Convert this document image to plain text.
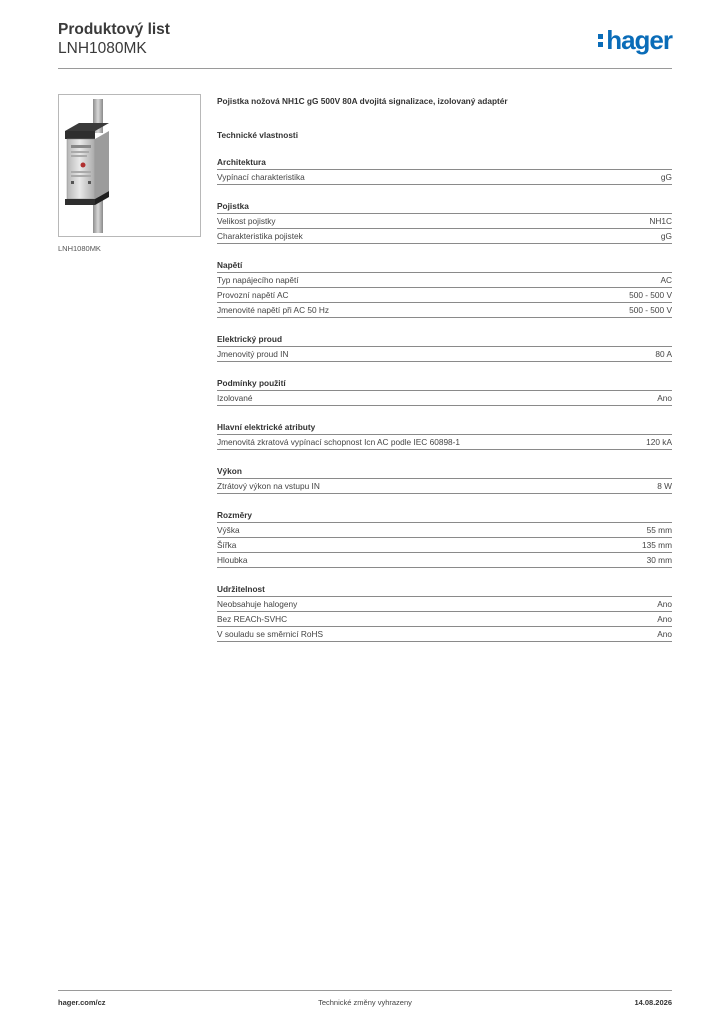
Produktový list
LNH1080MK	hager
LNH1080MK
Pojistka nožová NH1C gG 500V 80A dvojitá signalizace, izolovaný adaptér
Technické vlastnosti
Architektura
Vypínací charakteristika	gG
Pojistka
Velikost pojistky	NH1C
Charakteristika pojistek	gG
Napětí
Typ napájecího napětí	AC
Provozní napětí AC	500 - 500 V
Jmenovité napětí při AC 50 Hz	500 - 500 V
Elektrický proud
Jmenovitý proud IN	80 A
Podmínky použití
Izolované	Ano
Hlavní elektrické atributy
Jmenovitá zkratová vypínací schopnost Icn AC podle IEC 60898-1	120 kA
Výkon
Ztrátový výkon na vstupu IN	8 W
Rozměry
Výška	55 mm
Šířka	135 mm
Hloubka	30 mm
Udržitelnost
Neobsahuje halogeny	Ano
Bez REACh-SVHC	Ano
V souladu se směrnicí RoHS	Ano
hager.com/cz	Technické změny vyhrazeny	14.08.2026
